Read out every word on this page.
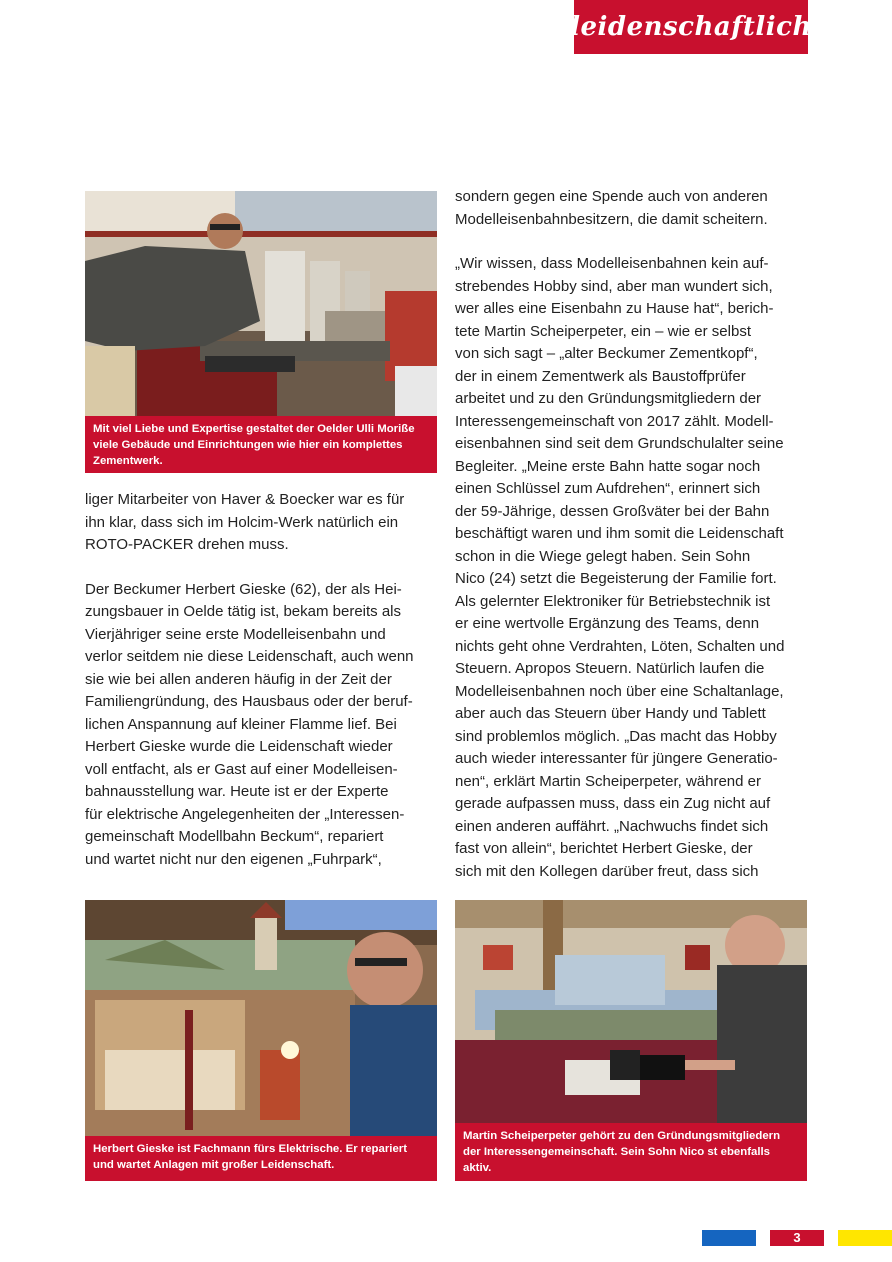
leidenschaftlich
Mit viel Liebe und Expertise gestaltet der Oelder Ulli Moriße viele Gebäude und Einrichtungen wie hier ein komplettes Zementwerk.

liger Mitarbeiter von Haver & Boecker war es für
ihn klar, dass sich im Holcim-Werk natürlich ein
ROTO-PACKER drehen muss.

Der Beckumer Herbert Gieske (62), der als Hei-
zungsbauer in Oelde tätig ist, bekam bereits als
Vierjähriger seine erste Modelleisenbahn und
verlor seitdem nie diese Leidenschaft, auch wenn
sie wie bei allen anderen häufig in der Zeit der
Familiengründung, des Hausbaus oder der beruf-
lichen Anspannung auf kleiner Flamme lief. Bei
Herbert Gieske wurde die Leidenschaft wieder
voll entfacht, als er Gast auf einer Modelleisen-
bahnausstellung war. Heute ist er der Experte
für elektrische Angelegenheiten der „Interessen-
gemeinschaft Modellbahn Beckum“, repariert
und wartet nicht nur den eigenen „Fuhrpark“,

sondern gegen eine Spende auch von anderen
Modelleisenbahnbesitzern, die damit scheitern.

„Wir wissen, dass Modelleisenbahnen kein auf-
strebendes Hobby sind, aber man wundert sich,
wer alles eine Eisenbahn zu Hause hat“, berich-
tete Martin Scheiperpeter, ein – wie er selbst
von sich sagt – „alter Beckumer Zementkopf“,
der in einem Zementwerk als Baustoffprüfer
arbeitet und zu den Gründungsmitgliedern der
Interessengemeinschaft von 2017 zählt. Modell-
eisenbahnen sind seit dem Grundschulalter seine
Begleiter. „Meine erste Bahn hatte sogar noch
einen Schlüssel zum Aufdrehen“, erinnert sich
der 59-Jährige, dessen Großväter bei der Bahn
beschäftigt waren und ihm somit die Leidenschaft
schon in die Wiege gelegt haben. Sein Sohn
Nico (24) setzt die Begeisterung der Familie fort.
Als gelernter Elektroniker für Betriebstechnik ist
er eine wertvolle Ergänzung des Teams, denn
nichts geht ohne Verdrahten, Löten, Schalten und
Steuern. Apropos Steuern. Natürlich laufen die
Modelleisenbahnen noch über eine Schaltanlage,
aber auch das Steuern über Handy und Tablett
sind problemlos möglich. „Das macht das Hobby
auch wieder interessanter für jüngere Generatio-
nen“, erklärt Martin Scheiperpeter, während er
gerade aufpassen muss, dass ein Zug nicht auf
einen anderen auffährt. „Nachwuchs findet sich
fast von allein“, berichtet Herbert Gieske, der
sich mit den Kollegen darüber freut, dass sich

Herbert Gieske ist Fachmann fürs Elektrische. Er repariert und wartet Anlagen mit großer Leidenschaft.
Martin Scheiperpeter gehört zu den Gründungsmitgliedern der Interessengemeinschaft. Sein Sohn Nico st ebenfalls aktiv.
3
